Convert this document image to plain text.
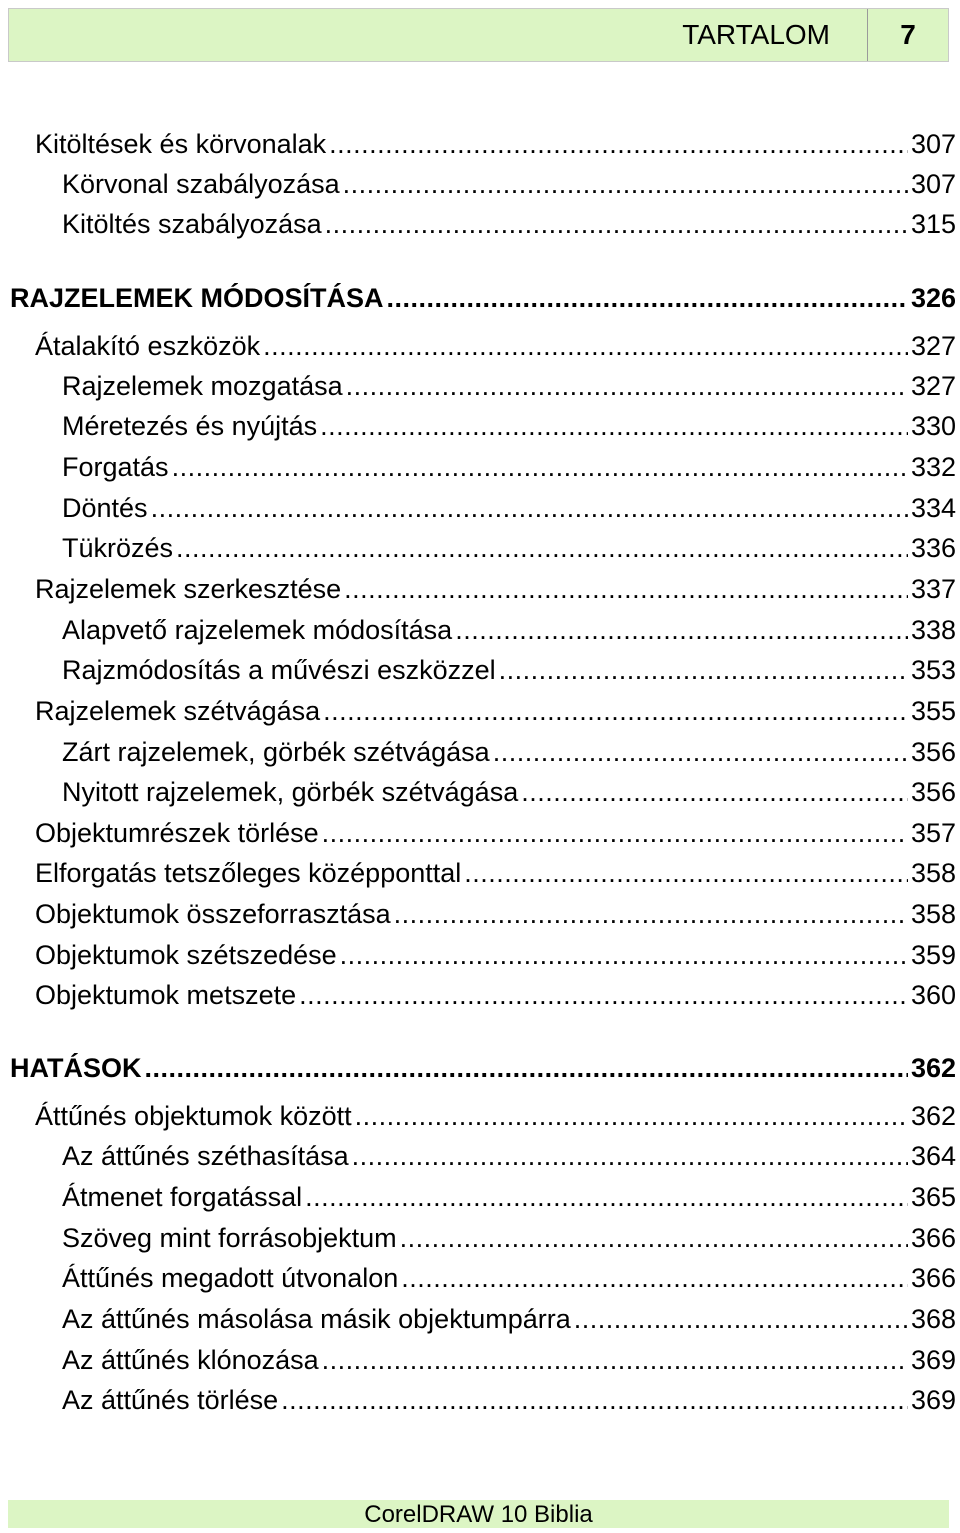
TARTALOM	7
Kitöltések és körvonalak .....	307
Körvonal szabályozása .....	307
Kitöltés szabályozása .....	315
RAJZELEMEK MÓDOSÍTÁSA .....	326
Átalakító eszközök .....	327
Rajzelemek mozgatása .....	327
Méretezés és nyújtás .....	330
Forgatás .....	332
Döntés .....	334
Tükrözés .....	336
Rajzelemek szerkesztése .....	337
Alapvető rajzelemek módosítása .....	338
Rajzmódosítás a művészi eszközzel .....	353
Rajzelemek szétvágása .....	355
Zárt rajzelemek, görbék szétvágása .....	356
Nyitott rajzelemek, görbék szétvágása .....	356
Objektumrészek törlése .....	357
Elforgatás tetszőleges középponttal .....	358
Objektumok összeforrasztása .....	358
Objektumok szétszedése .....	359
Objektumok metszete .....	360
HATÁSOK .....	362
Áttűnés objektumok között .....	362
Az áttűnés széthasítása .....	364
Átmenet forgatással .....	365
Szöveg mint forrásobjektum .....	366
Áttűnés megadott útvonalon .....	366
Az áttűnés másolása másik objektumpárra .....	368
Az áttűnés klónozása .....	369
Az áttűnés törlése .....	369
CorelDRAW 10 Biblia
